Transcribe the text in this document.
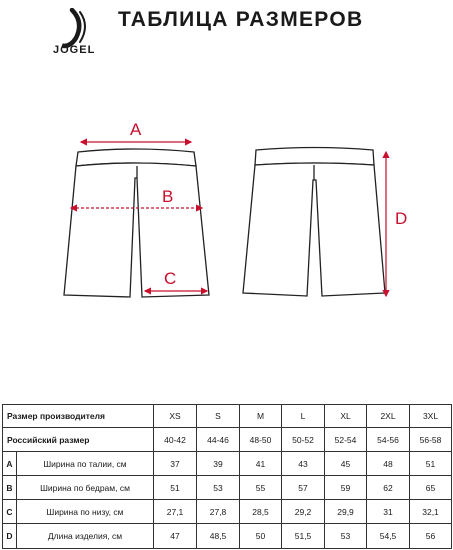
JÖGEL
ТАБЛИЦА РАЗМЕРОВ
A
B
C
D
Размер производителя		XS	S	M	L	XL	2XL	3XL
Российский размер		40-42	44-46	48-50	50-52	52-54	54-56	56-58
A	Ширина по талии, см	37	39	41	43	45	48	51
B	Ширина по бедрам, см	51	53	55	57	59	62	65
C	Ширина по низу, см	27,1	27,8	28,5	29,2	29,9	31	32,1
D	Длина изделия, см	47	48,5	50	51,5	53	54,5	56
